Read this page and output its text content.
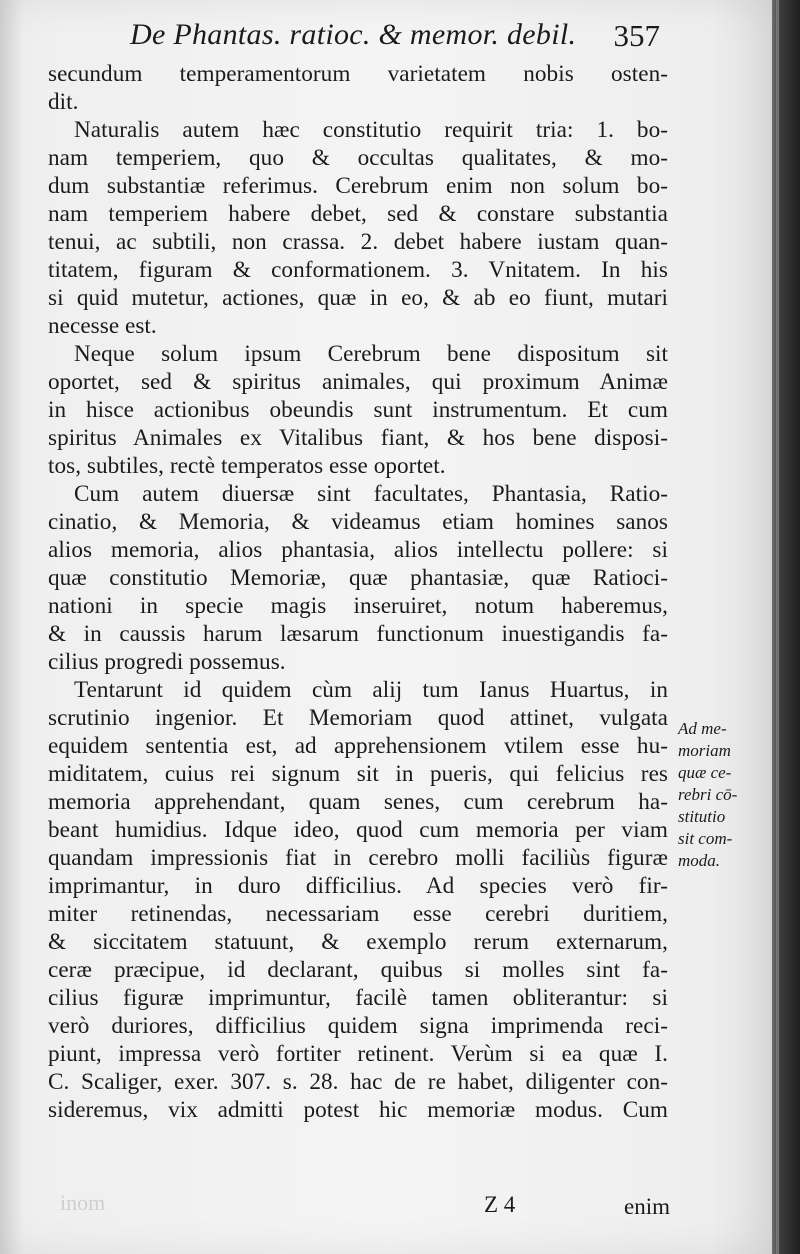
De Phantas. ratioc. & memor. debil. 357
secundum temperamentorum varietatem nobis osten-
dit.
Naturalis autem hæc constitutio requirit tria: 1. bo-
nam temperiem, quo & occultas qualitates, & mo-
dum substantiæ referimus. Cerebrum enim non solum bo-
nam temperiem habere debet, sed & constare substantia
tenui, ac subtili, non crassa. 2. debet habere iustam quan-
titatem, figuram & conformationem. 3. Vnitatem. In his
si quid mutetur, actiones, quæ in eo, & ab eo fiunt, mutari
necesse est.
Neque solum ipsum Cerebrum bene dispositum sit
oportet, sed & spiritus animales, qui proximum Animæ
in hisce actionibus obeundis sunt instrumentum. Et cum
spiritus Animales ex Vitalibus fiant, & hos bene disposi-
tos, subtiles, rectè temperatos esse oportet.
Cum autem diuersæ sint facultates, Phantasia, Ratio-
cinatio, & Memoria, & videamus etiam homines sanos
alios memoria, alios phantasia, alios intellectu pollere: si
quæ constitutio Memoriæ, quæ phantasiæ, quæ Ratioci-
nationi in specie magis inseruiret, notum haberemus,
& in caussis harum læsarum functionum inuestigandis fa-
cilius progredi possemus.
Tentarunt id quidem cùm alij tum Ianus Huartus, in
scrutinio ingenior. Et Memoriam quod attinet, vulgata
equidem sententia est, ad apprehensionem vtilem esse hu-
miditatem, cuius rei signum sit in pueris, qui felicius res
memoria apprehendant, quam senes, cum cerebrum ha-
beant humidius. Idque ideo, quod cum memoria per viam
quandam impressionis fiat in cerebro molli faciliùs figuræ
imprimantur, in duro difficilius. Ad species verò fir-
miter retinendas, necessariam esse cerebri duritiem,
& siccitatem statuunt, & exemplo rerum externarum,
ceræ præcipue, id declarant, quibus si molles sint fa-
cilius figuræ imprimuntur, facilè tamen obliterantur: si
verò duriores, difficilius quidem signa imprimenda reci-
piunt, impressa verò fortiter retinent. Verùm si ea quæ I.
C. Scaliger, exer. 307. s. 28. hac de re habet, diligenter con-
sideremus, vix admitti potest hic memoriæ modus. Cum
Ad me-
moriam
quæ ce-
rebri cō-
stitutio
sit com-
moda.
inom	Z 4	enim
